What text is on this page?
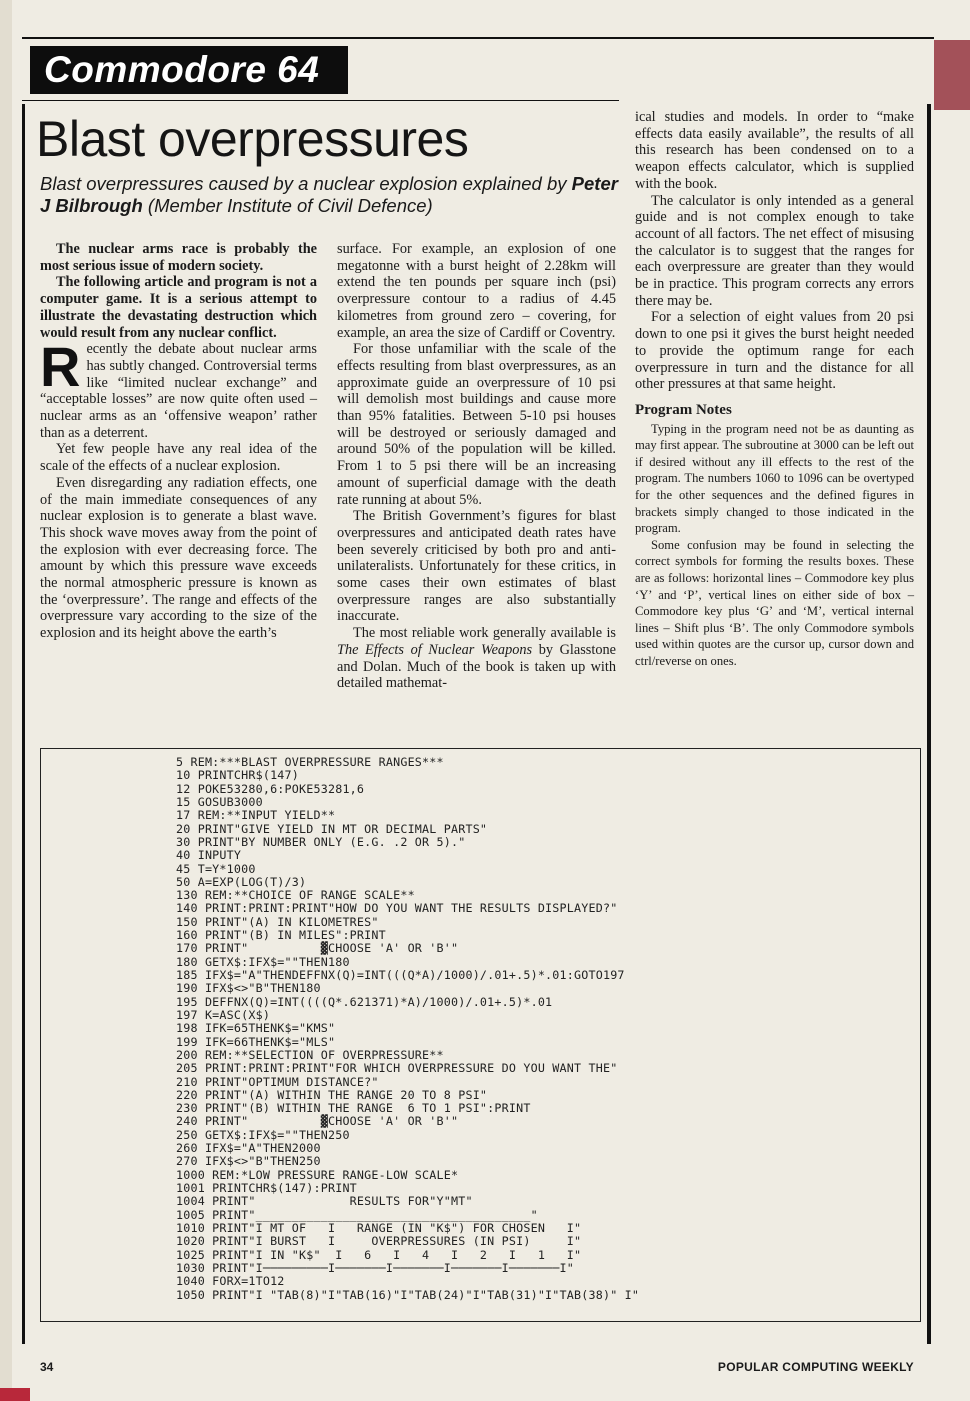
Commodore 64
Blast overpressures
Blast overpressures caused by a nuclear explosion explained by Peter J Bilbrough (Member Institute of Civil Defence)

The nuclear arms race is probably the most serious issue of modern society.

The following article and program is not a computer game. It is a serious attempt to illustrate the devastating destruction which would result from any nuclear conflict.

Recently the debate about nuclear arms has subtly changed. Controversial terms like “limited nuclear exchange” and “acceptable losses” are now quite often used – nuclear arms as an ‘offensive weapon’ rather than as a deterrent.

Yet few people have any real idea of the scale of the effects of a nuclear explosion.

Even disregarding any radiation effects, one of the main immediate consequences of any nuclear explosion is to generate a blast wave. This shock wave moves away from the point of the explosion with ever decreasing force. The amount by which this pressure wave exceeds the normal atmospheric pressure is known as the ‘overpressure’. The range and effects of the overpressure vary according to the size of the explosion and its height above the earth’s

surface. For example, an explosion of one megatonne with a burst height of 2.28km will extend the ten pounds per square inch (psi) overpressure contour to a radius of 4.45 kilometres from ground zero – covering, for example, an area the size of Cardiff or Coventry.

For those unfamiliar with the scale of the effects resulting from blast overpressures, as an approximate guide an overpressure of 10 psi will demolish most buildings and cause more than 95% fatalities. Between 5-10 psi houses will be destroyed or seriously damaged and around 50% of the population will be killed. From 1 to 5 psi there will be an increasing amount of superficial damage with the death rate running at about 5%.

The British Government’s figures for blast overpressures and anticipated death rates have been severely criticised by both pro and anti-unilateralists. Unfortunately for these critics, in some cases their own estimates of blast overpressure ranges are also substantially inaccurate.

The most reliable work generally available is The Effects of Nuclear Weapons by Glasstone and Dolan. Much of the book is taken up with detailed mathemat-

ical studies and models. In order to “make effects data easily available”, the results of all this research has been condensed on to a weapon effects calculator, which is supplied with the book.

The calculator is only intended as a general guide and is not complex enough to take account of all factors. The net effect of misusing the calculator is to suggest that the ranges for each overpressure are greater than they would be in practice. This program corrects any errors there may be.

For a selection of eight values from 20 psi down to one psi it gives the burst height needed to provide the optimum range for each overpressure in turn and the distance for all other pressures at that same height.

Program Notes

Typing in the program need not be as daunting as may first appear. The subroutine at 3000 can be left out if desired without any ill effects to the rest of the program. The numbers 1060 to 1096 can be overtyped for the other sequences and the defined figures in brackets simply changed to those indicated in the program.

Some confusion may be found in selecting the correct symbols for forming the results boxes. These are as follows: horizontal lines – Commodore key plus ‘Y’ and ‘P’, vertical lines on either side of box – Commodore key plus ‘G’ and ‘M’, vertical internal lines – Shift plus ‘B’. The only Commodore symbols used within quotes are the cursor up, cursor down and ctrl/reverse on ones.

5 REM:***BLAST OVERPRESSURE RANGES***
10 PRINTCHR$(147)
12 POKE53280,6:POKE53281,6
15 GOSUB3000
17 REM:**INPUT YIELD**
20 PRINT"GIVE YIELD IN MT OR DECIMAL PARTS"
30 PRINT"BY NUMBER ONLY (E.G. .2 OR 5)."
40 INPUTY
45 T=Y*1000
50 A=EXP(LOG(T)/3)
130 REM:**CHOICE OF RANGE SCALE**
140 PRINT:PRINT:PRINT"HOW DO YOU WANT THE RESULTS DISPLAYED?"
150 PRINT"(A) IN KILOMETRES"
160 PRINT"(B) IN MILES":PRINT
170 PRINT"          ▓CHOOSE 'A' OR 'B'"
180 GETX$:IFX$=""THEN180
185 IFX$="A"THENDEFFNX(Q)=INT(((Q*A)/1000)/.01+.5)*.01:GOTO197
190 IFX$<>"B"THEN180
195 DEFFNX(Q)=INT((((Q*.621371)*A)/1000)/.01+.5)*.01
197 K=ASC(X$)
198 IFK=65THENK$="KMS"
199 IFK=66THENK$="MLS"
200 REM:**SELECTION OF OVERPRESSURE**
205 PRINT:PRINT:PRINT"FOR WHICH OVERPRESSURE DO YOU WANT THE"
210 PRINT"OPTIMUM DISTANCE?"
220 PRINT"(A) WITHIN THE RANGE 20 TO 8 PSI"
230 PRINT"(B) WITHIN THE RANGE  6 TO 1 PSI":PRINT
240 PRINT"          ▓CHOOSE 'A' OR 'B'"
250 GETX$:IFX$=""THEN250
260 IFX$="A"THEN2000
270 IFX$<>"B"THEN250
1000 REM:*LOW PRESSURE RANGE-LOW SCALE*
1001 PRINTCHR$(147):PRINT
1004 PRINT"             RESULTS FOR"Y"MT"
1005 PRINT"______________________________________"
1010 PRINT"I MT OF   I   RANGE (IN "K$") FOR CHOSEN   I"
1020 PRINT"I BURST   I     OVERPRESSURES (IN PSI)     I"
1025 PRINT"I IN "K$"  I   6   I   4   I   2   I   1   I"
1030 PRINT"I─────────I───────I───────I───────I───────I"
1040 FORX=1TO12
1050 PRINT"I "TAB(8)"I"TAB(16)"I"TAB(24)"I"TAB(31)"I"TAB(38)" I"
34	POPULAR COMPUTING WEEKLY
